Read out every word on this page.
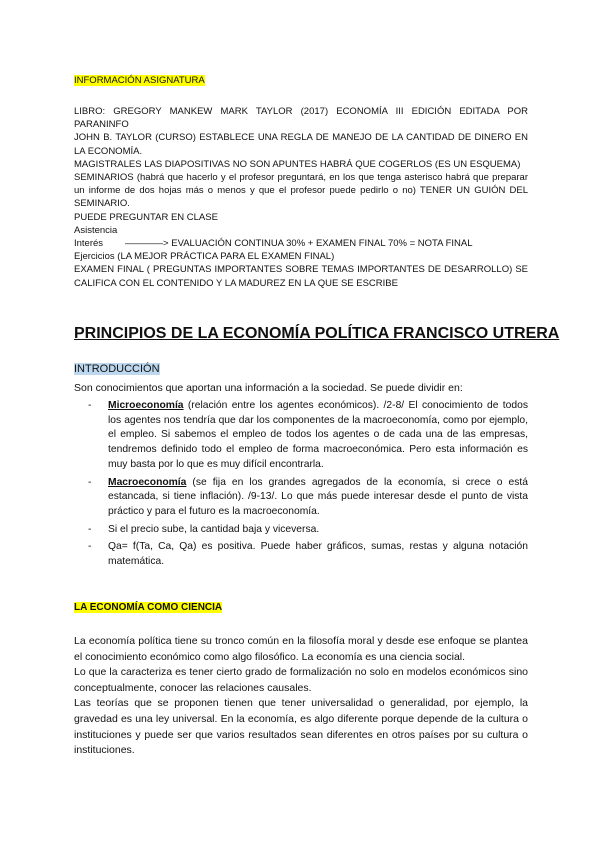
INFORMACIÓN ASIGNATURA

LIBRO: GREGORY MANKEW MARK TAYLOR (2017) ECONOMÍA III EDICIÓN EDITADA POR PARANINFO

JOHN B. TAYLOR (CURSO) ESTABLECE UNA REGLA DE MANEJO DE LA CANTIDAD DE DINERO EN LA ECONOMÍA.

MAGISTRALES LAS DIAPOSITIVAS NO SON APUNTES HABRÁ QUE COGERLOS (ES UN ESQUEMA)

SEMINARIOS (habrá que hacerlo y el profesor preguntará, en los que tenga asterisco habrá que preparar un informe de dos hojas más o menos y que el profesor puede pedirlo o no) TENER UN GUIÓN DEL SEMINARIO.

PUEDE PREGUNTAR EN CLASE

Asistencia

Interés ————> EVALUACIÓN CONTINUA 30% + EXAMEN FINAL 70% = NOTA FINAL

Ejercicios (LA MEJOR PRÁCTICA PARA EL EXAMEN FINAL)

EXAMEN FINAL ( PREGUNTAS IMPORTANTES SOBRE TEMAS IMPORTANTES DE DESARROLLO) SE CALIFICA CON EL CONTENIDO Y LA MADUREZ EN LA QUE SE ESCRIBE

PRINCIPIOS DE LA ECONOMÍA POLÍTICA FRANCISCO UTRERA
INTRODUCCIÓN

Son conocimientos que aportan una información a la sociedad. Se puede dividir en:

- Microeconomía (relación entre los agentes económicos). /2-8/ El conocimiento de todos los agentes nos tendría que dar los componentes de la macroeconomía, como por ejemplo, el empleo. Si sabemos el empleo de todos los agentes o de cada una de las empresas, tendremos definido todo el empleo de forma macroeconómica. Pero esta información es muy basta por lo que es muy difícil encontrarla.
- Macroeconomía (se fija en los grandes agregados de la economía, si crece o está estancada, si tiene inflación). /9-13/. Lo que más puede interesar desde el punto de vista práctico y para el futuro es la macroeconomía.
- Si el precio sube, la cantidad baja y viceversa.
- Qa= f(Ta, Ca, Qa) es positiva. Puede haber gráficos, sumas, restas y alguna notación matemática.
LA ECONOMÍA COMO CIENCIA

La economía política tiene su tronco común en la filosofía moral y desde ese enfoque se plantea el conocimiento económico como algo filosófico. La economía es una ciencia social.

Lo que la caracteriza es tener cierto grado de formalización no solo en modelos económicos sino conceptualmente, conocer las relaciones causales.

Las teorías que se proponen tienen que tener universalidad o generalidad, por ejemplo, la gravedad es una ley universal. En la economía, es algo diferente porque depende de la cultura o instituciones y puede ser que varios resultados sean diferentes en otros países por su cultura o instituciones.
